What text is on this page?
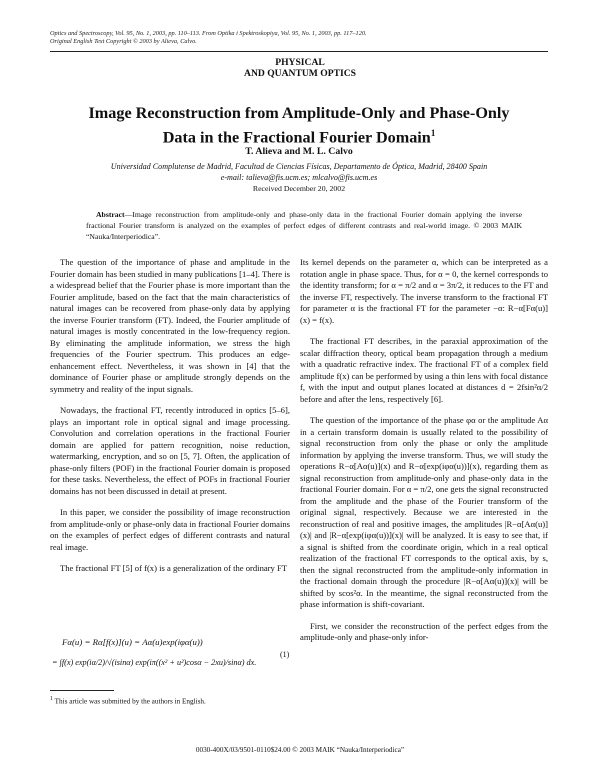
Optics and Spectroscopy, Vol. 95, No. 1, 2003, pp. 110–113. From Optika i Spektroskopiya, Vol. 95, No. 1, 2003, pp. 117–120.
Original English Text Copyright © 2003 by Alieva, Calvo.
PHYSICAL
AND QUANTUM OPTICS
Image Reconstruction from Amplitude-Only and Phase-Only
Data in the Fractional Fourier Domain$^1$
T. Alieva and M. L. Calvo
Universidad Complutense de Madrid, Facultad de Ciencias Físicas, Departamento de Óptica, Madrid, 28400 Spain
e-mail: talieva@fis.ucm.es; mlcalvo@fis.ucm.es
Received December 20, 2002
Abstract—Image reconstruction from amplitude-only and phase-only data in the fractional Fourier domain applying the inverse fractional Fourier transform is analyzed on the examples of perfect edges of different contrasts and real-world image. © 2003 MAIK “Nauka/Interperiodica”.

The question of the importance of phase and amplitude in the Fourier domain has been studied in many publications [1–4]. There is a widespread belief that the Fourier phase is more important than the Fourier amplitude, based on the fact that the main characteristics of natural images can be recovered from phase-only data by applying the inverse Fourier transform (FT). Indeed, the Fourier amplitude of natural images is mostly concentrated in the low-frequency region. By eliminating the amplitude information, we stress the high frequencies of the Fourier spectrum. This produces an edge-enhancement effect. Nevertheless, it was shown in [4] that the dominance of Fourier phase or amplitude strongly depends on the symmetry and reality of the input signals.

Nowadays, the fractional FT, recently introduced in optics [5–6], plays an important role in optical signal and image processing. Convolution and correlation operations in the fractional Fourier domain are applied for pattern recognition, noise reduction, watermarking, encryption, and so on [5, 7]. Often, the application of phase-only filters (POF) in the fractional Fourier domain is proposed for these tasks. Nevertheless, the effect of POFs in fractional Fourier domains has not been discussed in detail at present.

In this paper, we consider the possibility of image reconstruction from amplitude-only or phase-only data in fractional Fourier domains on the examples of perfect edges of different contrasts and natural real image.

The fractional FT [5] of f(x) is a generalization of the ordinary FT

Fα(u) = Rα[f(x)](u) = Aα(u)exp(iφα(u))
= ∫f(x) exp(iα/2)/√(isinα) exp(iπ((x² + u²)cosα − 2xu)/sinα) dx.
(1)
$^1$ This article was submitted by the authors in English.

Its kernel depends on the parameter α, which can be interpreted as a rotation angle in phase space. Thus, for α = 0, the kernel corresponds to the identity transform; for α = π/2 and α = 3π/2, it reduces to the FT and the inverse FT, respectively. The inverse transform to the fractional FT for parameter α is the fractional FT for the parameter −α: R−α[Fα(u)](x) = f(x).

The fractional FT describes, in the paraxial approximation of the scalar diffraction theory, optical beam propagation through a medium with a quadratic refractive index. The fractional FT of a complex field amplitude f(x) can be performed by using a thin lens with focal distance f, with the input and output planes located at distances d = 2fsin²α/2 before and after the lens, respectively [6].

The question of the importance of the phase φα or the amplitude Aα in a certain transform domain is usually related to the possibility of signal reconstruction from only the phase or only the amplitude information by applying the inverse transform. Thus, we will study the operations R−α[Aα(u)](x) and R−α[exp(iφα(u))](x), regarding them as signal reconstruction from amplitude-only and phase-only data in the fractional Fourier domain. For α = π/2, one gets the signal reconstructed from the amplitude and the phase of the Fourier transform of the original signal, respectively. Because we are interested in the reconstruction of real and positive images, the amplitudes |R−α[Aα(u)](x)| and |R−α[exp(iφα(u))](x)| will be analyzed. It is easy to see that, if a signal is shifted from the coordinate origin, which in a real optical realization of the fractional FT corresponds to the optical axis, by s, then the signal reconstructed from the amplitude-only information in the fractional domain through the procedure |R−α[Aα(u)](x)| will be shifted by scos²α. In the meantime, the signal reconstructed from the phase information is shift-covariant.

First, we consider the reconstruction of the perfect edges from the amplitude-only and phase-only infor-

0030-400X/03/9501-0110$24.00 © 2003 MAIK “Nauka/Interperiodica”
